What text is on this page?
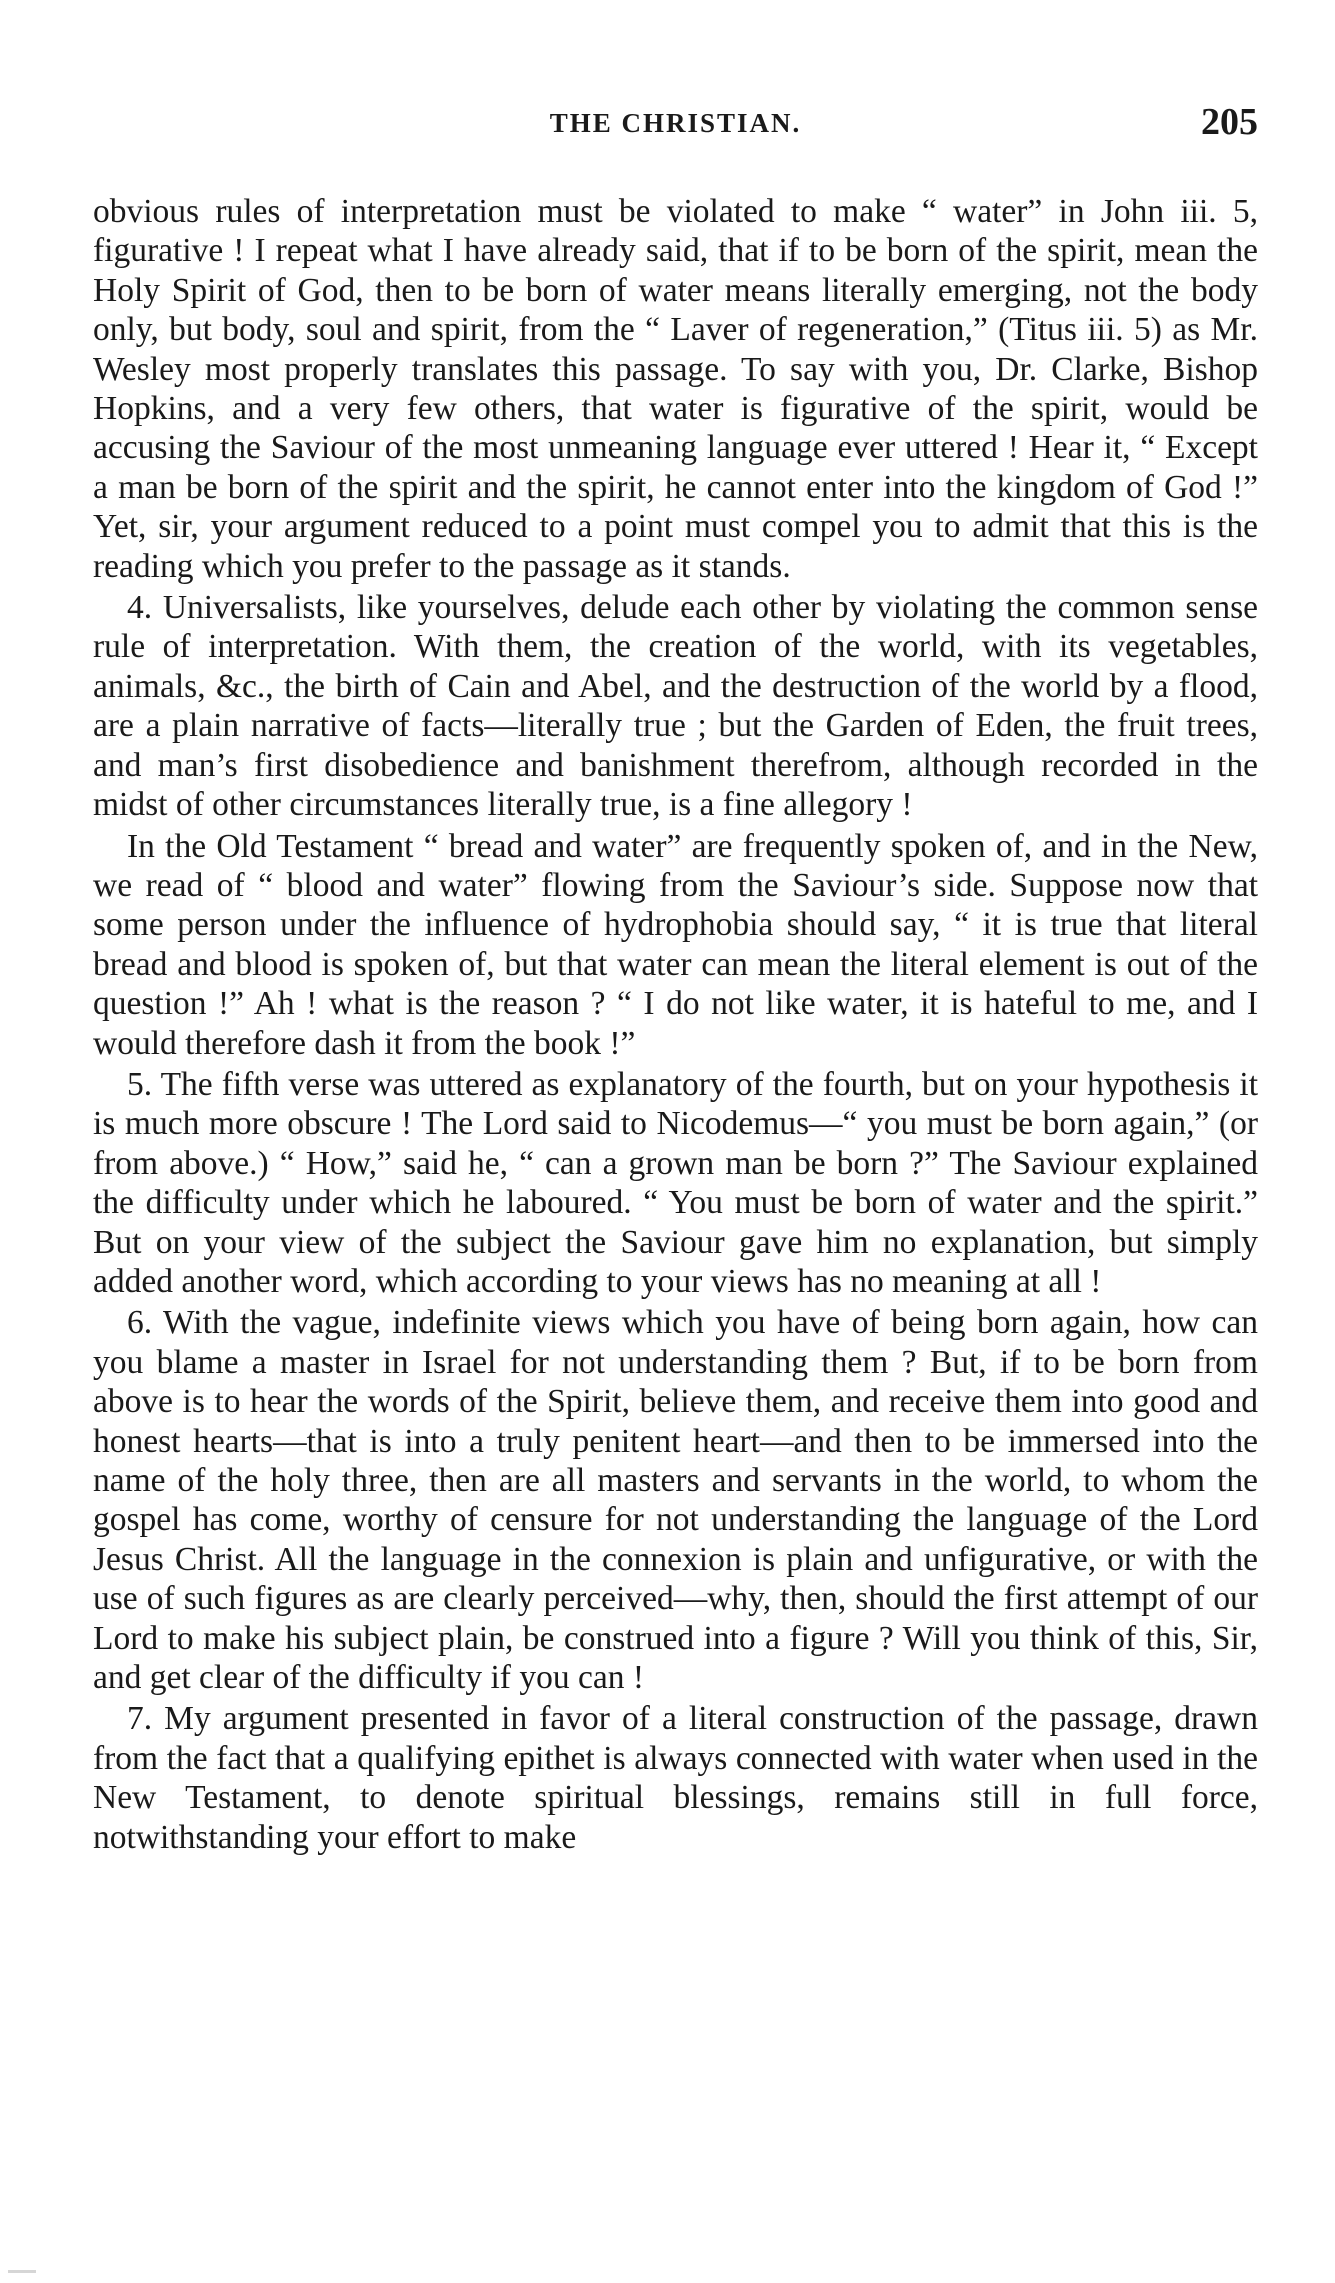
THE CHRISTIAN.	205

obvious rules of interpretation must be violated to make “ water” in John iii. 5, figurative ! I repeat what I have already said, that if to be born of the spirit, mean the Holy Spirit of God, then to be born of water means literally emerging, not the body only, but body, soul and spirit, from the “ Laver of regeneration,” (Titus iii. 5) as Mr. Wesley most properly translates this passage. To say with you, Dr. Clarke, Bishop Hopkins, and a very few others, that water is figurative of the spirit, would be accusing the Saviour of the most unmeaning language ever uttered ! Hear it, “ Except a man be born of the spirit and the spirit, he cannot enter into the kingdom of God !” Yet, sir, your argument reduced to a point must compel you to admit that this is the reading which you prefer to the passage as it stands.

4. Universalists, like yourselves, delude each other by violating the common sense rule of interpretation. With them, the creation of the world, with its vegetables, animals, &c., the birth of Cain and Abel, and the destruction of the world by a flood, are a plain narrative of facts—literally true ; but the Garden of Eden, the fruit trees, and man’s first disobedience and banishment therefrom, although recorded in the midst of other circumstances literally true, is a fine allegory !

In the Old Testament “ bread and water” are frequently spoken of, and in the New, we read of “ blood and water” flowing from the Saviour’s side. Suppose now that some person under the influence of hydrophobia should say, “ it is true that literal bread and blood is spoken of, but that water can mean the literal element is out of the question !” Ah ! what is the reason ? “ I do not like water, it is hateful to me, and I would therefore dash it from the book !”

5. The fifth verse was uttered as explanatory of the fourth, but on your hypothesis it is much more obscure ! The Lord said to Nicodemus—“ you must be born again,” (or from above.) “ How,” said he, “ can a grown man be born ?” The Saviour explained the difficulty under which he laboured. “ You must be born of water and the spirit.” But on your view of the subject the Saviour gave him no explanation, but simply added another word, which according to your views has no meaning at all !

6. With the vague, indefinite views which you have of being born again, how can you blame a master in Israel for not understanding them ? But, if to be born from above is to hear the words of the Spirit, believe them, and receive them into good and honest hearts—that is into a truly penitent heart—and then to be immersed into the name of the holy three, then are all masters and servants in the world, to whom the gospel has come, worthy of censure for not understanding the language of the Lord Jesus Christ. All the language in the connexion is plain and unfigurative, or with the use of such figures as are clearly perceived—why, then, should the first attempt of our Lord to make his subject plain, be construed into a figure ? Will you think of this, Sir, and get clear of the difficulty if you can !

7. My argument presented in favor of a literal construction of the passage, drawn from the fact that a qualifying epithet is always connected with water when used in the New Testament, to denote spiritual blessings, remains still in full force, notwithstanding your effort to make
